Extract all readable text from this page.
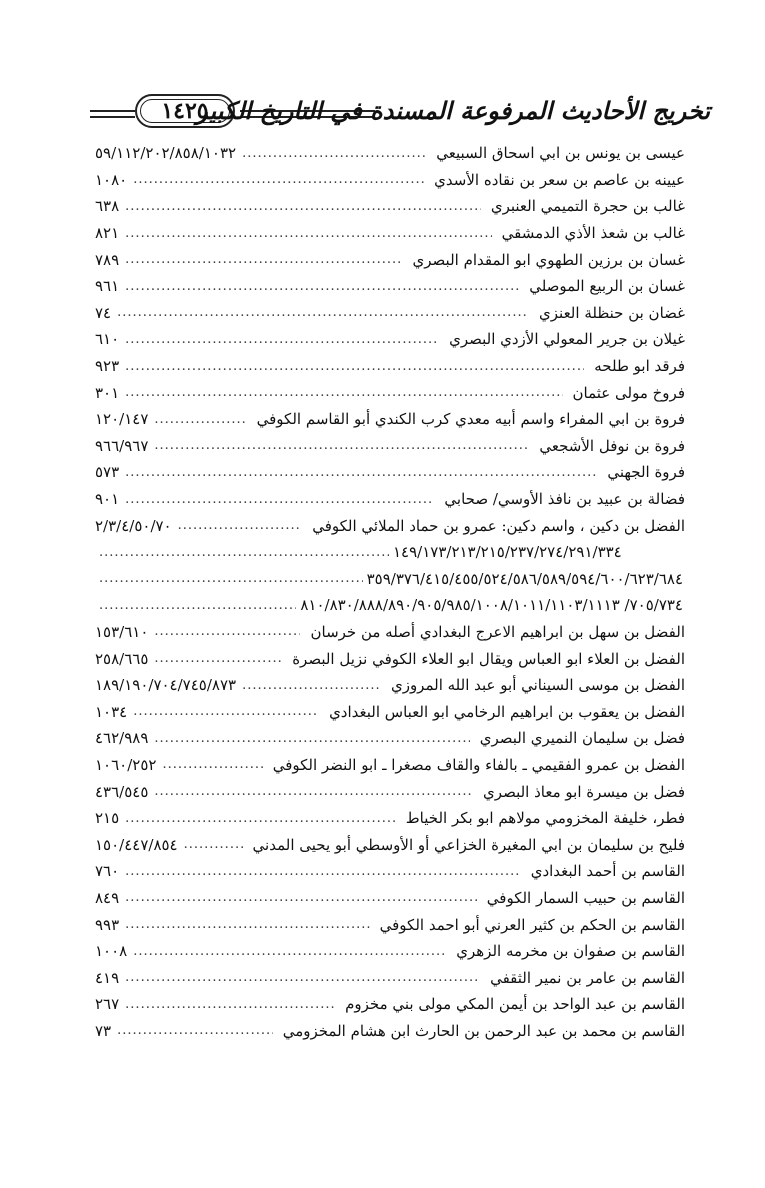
١٤٢٥
تخريج الأحاديث المرفوعة المسندة في التاريخ الكبير
عيسى بن يونس بن ابي اسحاق السبيعي
.....
٥٩/١١٢/٢٠٢/٨٥٨/١٠٣٢
عيينه بن عاصم بن سعر بن نقاده الأسدي
.....
١٠٨٠
غالب بن حجرة التميمي العنبري
.....
٦٣٨
غالب بن شعذ الأذي الدمشقي
.....
٨٢١
غسان بن برزين الطهوي ابو المقدام البصري
.....
٧٨٩
غسان بن الربيع الموصلي
.....
٩٦١
غضان بن حنظلة العنزي
.....
٧٤
غيلان بن جرير المعولي الأزدي البصري
.....
٦١٠
فرقد ابو طلحه
.....
٩٢٣
فروخ مولى عثمان
.....
٣٠١
فروة بن ابي المفراء واسم أبيه معدي كرب الكندي أبو القاسم الكوفي
.....
١٢٠/١٤٧
فروة بن نوفل الأشجعي
.....
٩٦٦/٩٦٧
فروة الجهني
.....
٥٧٣
فضالة بن عبيد بن نافذ الأوسي/ صحابي
.....
٩٠١
الفضل بن دكين ، واسم دكين: عمرو بن حماد الملائي الكوفي
.....
٢/٣/٤/٥٠/٧٠
١٤٩/١٧٣/٢١٣/٢١٥/٢٣٧/٢٧٤/٢٩١/٣٣٤
.....
٣٥٩/٣٧٦/٤١٥/٤٥٥/٥٢٤/٥٨٦/٥٨٩/٥٩٤/٦٠٠/٦٢٣/٦٨٤
.....
٧٠٥/٧٣٤/ ٨١٠/٨٣٠/٨٨٨/٨٩٠/٩٠٥/٩٨٥/١٠٠٨/١٠١١/١١٠٣/١١١٣
.....
الفضل بن سهل بن ابراهيم الاعرج البغدادي أصله من خرسان
.....
١٥٣/٦١٠
الفضل بن العلاء ابو العباس ويقال ابو العلاء الكوفي نزيل البصرة
.....
٢٥٨/٦٦٥
الفضل بن موسى السيناني أبو عبد الله المروزي
.....
١٨٩/١٩٠/٧٠٤/٧٤٥/٨٧٣
الفضل بن يعقوب بن ابراهيم الرخامي ابو العباس البغدادي
.....
١٠٣٤
فضل بن سليمان النميري البصري
.....
٤٦٢/٩٨٩
الفضل بن عمرو الفقيمي ـ بالفاء والقاف مصغرا ـ ابو النضر الكوفي
.....
١٠٦٠/٢٥٢
فضل بن ميسرة ابو معاذ البصري
.....
٤٣٦/٥٤٥
فطر، خليفة المخزومي مولاهم ابو بكر الخياط
.....
٢١٥
فليح بن سليمان بن ابي المغيرة الخزاعي أو الأوسطي أبو يحيى المدني
.....
١٥٠/٤٤٧/٨٥٤
القاسم بن أحمد البغدادي
.....
٧٦٠
القاسم بن حبيب السمار الكوفي
.....
٨٤٩
القاسم بن الحكم بن كثير العرني أبو احمد الكوفي
.....
٩٩٣
القاسم بن صفوان بن مخرمه الزهري
.....
١٠٠٨
القاسم بن عامر بن نمير الثقفي
.....
٤١٩
القاسم بن عبد الواحد بن أيمن المكي مولى بني مخزوم
.....
٢٦٧
القاسم بن محمد بن عبد الرحمن بن الحارث ابن هشام المخزومي
.....
٧٣
